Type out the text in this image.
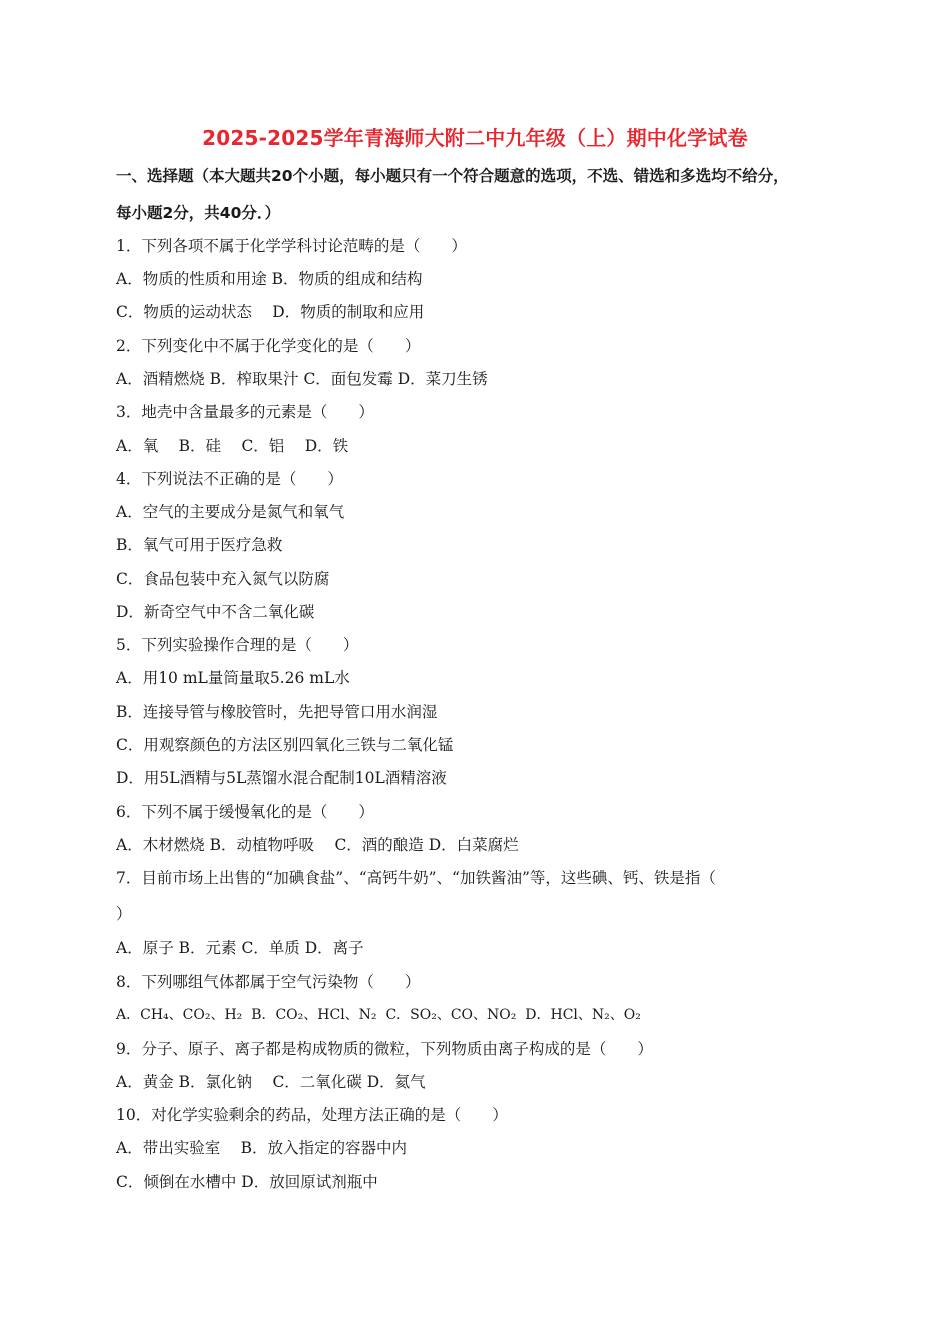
2025-2025学年青海师大附二中九年级（上）期中化学试卷
一、选择题（本大题共20个小题，每小题只有一个符合题意的选项，不选、错选和多选均不给分，
每小题2分，共40分．）
1．下列各项不属于化学学科讨论范畴的是（　　）
A．物质的性质和用途 B．物质的组成和结构
C．物质的运动状态　 D．物质的制取和应用
2．下列变化中不属于化学变化的是（　　）
A．酒精燃烧 B．榨取果汁 C．面包发霉 D．菜刀生锈
3．地壳中含量最多的元素是（　　）
A．氧　 B．硅　 C．铝　 D．铁
4．下列说法不正确的是（　　）
A．空气的主要成分是氮气和氧气
B．氧气可用于医疗急救
C．食品包装中充入氮气以防腐
D．新奇空气中不含二氧化碳
5．下列实验操作合理的是（　　）
A．用10 mL量筒量取5.26 mL水
B．连接导管与橡胶管时，先把导管口用水润湿
C．用观察颜色的方法区别四氧化三铁与二氧化锰
D．用5L酒精与5L蒸馏水混合配制10L酒精溶液
6．下列不属于缓慢氧化的是（　　）
A．木材燃烧 B．动植物呼吸　 C．酒的酿造 D．白菜腐烂
7．目前市场上出售的“加碘食盐”、“高钙牛奶”、“加铁酱油”等，这些碘、钙、铁是指（
）
A．原子 B．元素 C．单质 D．离子
8．下列哪组气体都属于空气污染物（　　）
A．CH₄、CO₂、H₂ B．CO₂、HCl、N₂ C．SO₂、CO、NO₂ D．HCl、N₂、O₂
9．分子、原子、离子都是构成物质的微粒，下列物质由离子构成的是（　　）
A．黄金 B．氯化钠　 C．二氧化碳 D．氦气
10．对化学实验剩余的药品，处理方法正确的是（　　）
A．带出实验室　 B．放入指定的容器中内
C．倾倒在水槽中 D．放回原试剂瓶中
